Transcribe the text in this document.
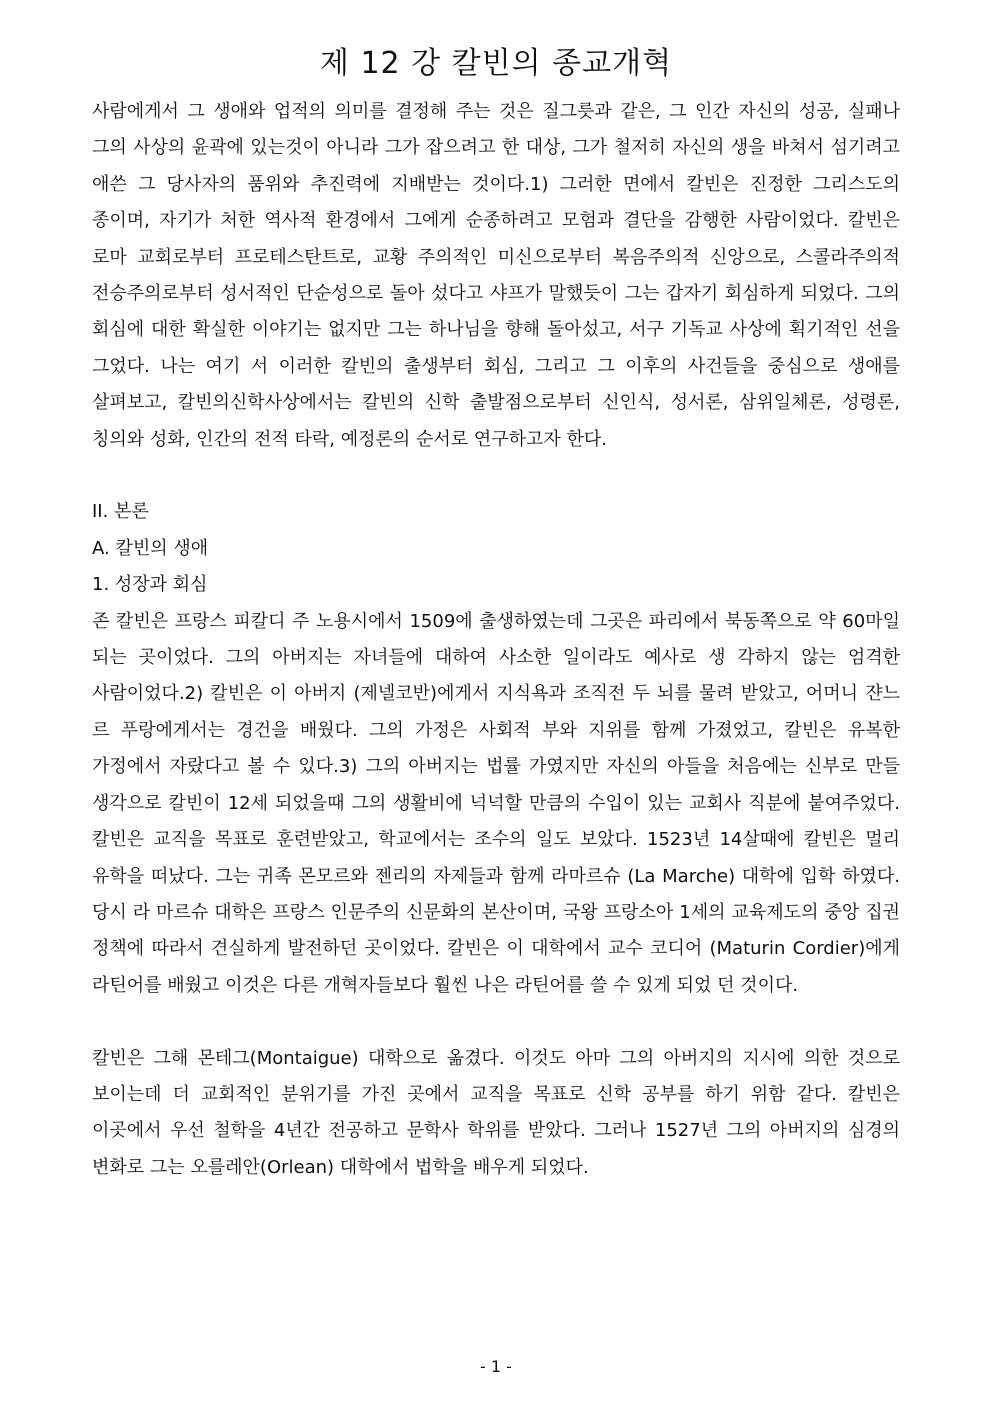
제 12 강 칼빈의 종교개혁

사람에게서 그 생애와 업적의 의미를 결정해 주는 것은 질그릇과 같은, 그 인간 자신의 성공, 실패나 그의 사상의 윤곽에 있는것이 아니라 그가 잡으려고 한 대상, 그가 철저히 자신의 생을 바쳐서 섬기려고 애쓴 그 당사자의 품위와 추진력에 지배받는 것이다.1) 그러한 면에서 칼빈은 진정한 그리스도의 종이며, 자기가 처한 역사적 환경에서 그에게 순종하려고 모험과 결단을 감행한 사람이었다. 칼빈은 로마 교회로부터 프로테스탄트로, 교황 주의적인 미신으로부터 복음주의적 신앙으로, 스콜라주의적 전승주의로부터 성서적인 단순성으로 돌아 섰다고 샤프가 말했듯이 그는 갑자기 회심하게 되었다. 그의 회심에 대한 확실한 이야기는 없지만 그는 하나님을 향해 돌아섰고, 서구 기독교 사상에 획기적인 선을 그었다. 나는 여기 서 이러한 칼빈의 출생부터 회심, 그리고 그 이후의 사건들을 중심으로 생애를 살펴보고, 칼빈의신학사상에서는 칼빈의 신학 출발점으로부터 신인식, 성서론, 삼위일체론, 성령론, 칭의와 성화, 인간의 전적 타락, 예정론의 순서로 연구하고자 한다.

II. 본론

A. 칼빈의 생애

1. 성장과 회심

존 칼빈은 프랑스 피칼디 주 노용시에서 1509에 출생하였는데 그곳은 파리에서 북동쪽으로 약 60마일 되는 곳이었다. 그의 아버지는 자녀들에 대하여 사소한 일이라도 예사로 생 각하지 않는 엄격한 사람이었다.2) 칼빈은 이 아버지 (제넬코반)에게서 지식욕과 조직전 두 뇌를 물려 받았고, 어머니 쟌느 르 푸랑에게서는 경건을 배웠다. 그의 가정은 사회적 부와 지위를 함께 가졌었고, 칼빈은 유복한 가정에서 자랐다고 볼 수 있다.3) 그의 아버지는 법률 가였지만 자신의 아들을 처음에는 신부로 만들 생각으로 칼빈이 12세 되었을때 그의 생활비에 넉넉할 만큼의 수입이 있는 교회사 직분에 붙여주었다. 칼빈은 교직을 목표로 훈련받았고, 학교에서는 조수의 일도 보았다. 1523년 14살때에 칼빈은 멀리 유학을 떠났다. 그는 귀족 몬모르와 젠리의 자제들과 함께 라마르슈 (La Marche) 대학에 입학 하였다. 당시 라 마르슈 대학은 프랑스 인문주의 신문화의 본산이며, 국왕 프랑소아 1세의 교육제도의 중앙 집권 정책에 따라서 견실하게 발전하던 곳이었다. 칼빈은 이 대학에서 교수 코디어 (Maturin Cordier)에게 라틴어를 배웠고 이것은 다른 개혁자들보다 훨씬 나은 라틴어를 쓸 수 있게 되었 던 것이다.

칼빈은 그해 몬테그(Montaigue) 대학으로 옮겼다. 이것도 아마 그의 아버지의 지시에 의한 것으로 보이는데 더 교회적인 분위기를 가진 곳에서 교직을 목표로 신학 공부를 하기 위함 같다. 칼빈은 이곳에서 우선 철학을 4년간 전공하고 문학사 학위를 받았다. 그러나 1527년 그의 아버지의 심경의 변화로 그는 오를레안(Orlean) 대학에서 법학을 배우게 되었다.

- 1 -
